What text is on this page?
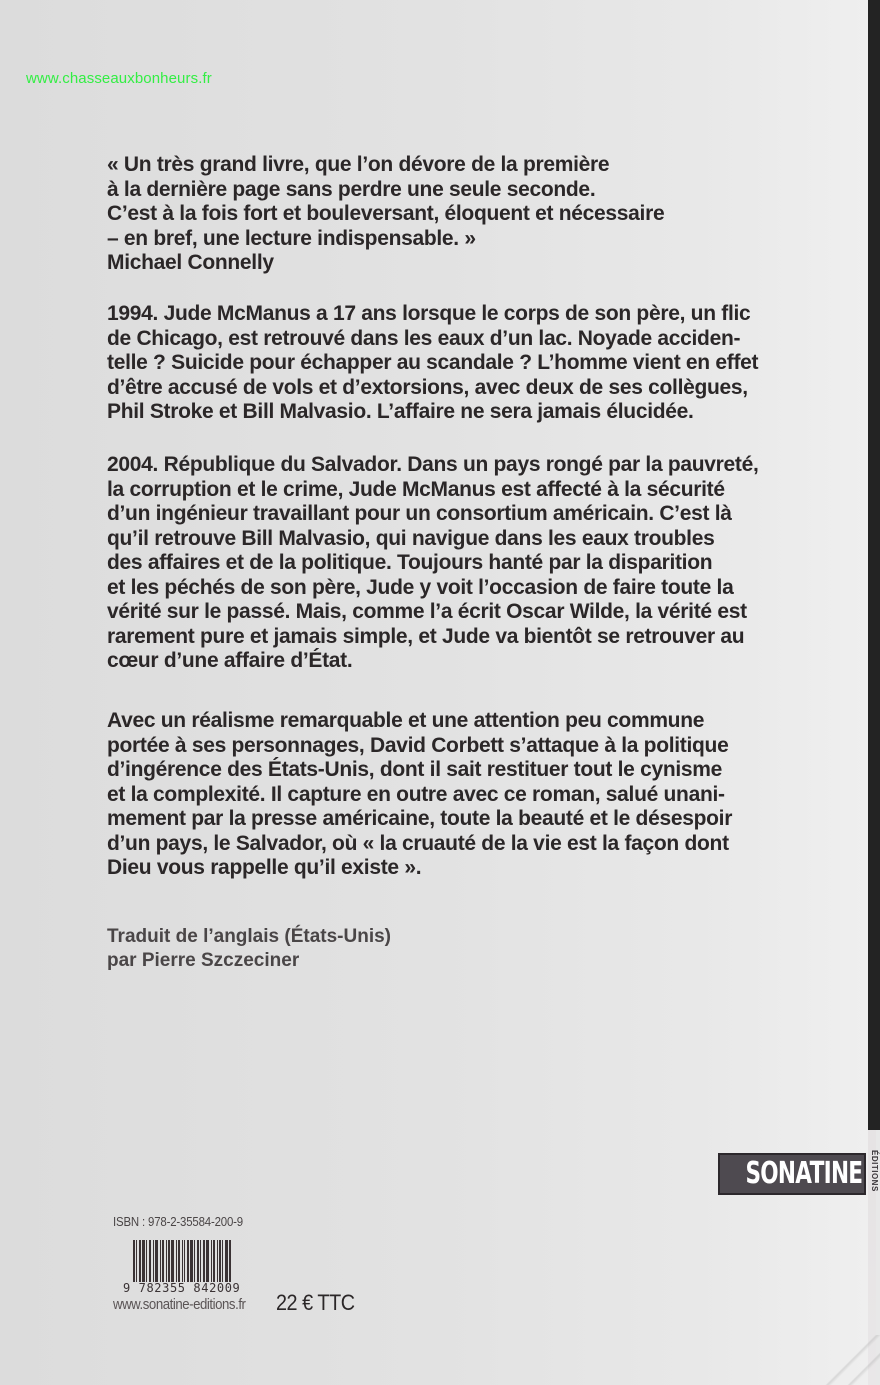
www.chasseauxbonheurs.fr

« Un très grand livre, que l’on dévore de la première

à la dernière page sans perdre une seule seconde.

C’est à la fois fort et bouleversant, éloquent et nécessaire

– en bref, une lecture indispensable. »

Michael Connelly

1994. Jude McManus a 17 ans lorsque le corps de son père, un flic

de Chicago, est retrouvé dans les eaux d’un lac. Noyade acciden-

telle ? Suicide pour échapper au scandale ? L’homme vient en effet

d’être accusé de vols et d’extorsions, avec deux de ses collègues,

Phil Stroke et Bill Malvasio. L’affaire ne sera jamais élucidée.

2004. République du Salvador. Dans un pays rongé par la pauvreté,

la corruption et le crime, Jude McManus est affecté à la sécurité

d’un ingénieur travaillant pour un consortium américain. C’est là

qu’il retrouve Bill Malvasio, qui navigue dans les eaux troubles

des affaires et de la politique. Toujours hanté par la disparition

et les péchés de son père, Jude y voit l’occasion de faire toute la

vérité sur le passé. Mais, comme l’a écrit Oscar Wilde, la vérité est

rarement pure et jamais simple, et Jude va bientôt se retrouver au

cœur d’une affaire d’État.

Avec un réalisme remarquable et une attention peu commune

portée à ses personnages, David Corbett s’attaque à la politique

d’ingérence des États-Unis, dont il sait restituer tout le cynisme

et la complexité. Il capture en outre avec ce roman, salué unani-

mement par la presse américaine, toute la beauté et le désespoir

d’un pays, le Salvador, où « la cruauté de la vie est la façon dont

Dieu vous rappelle qu’il existe ».

Traduit de l’anglais (États-Unis)

par Pierre Szczeciner

SONATINE	ÉDITIONS
ISBN : 978-2-35584-200-9
9 782355 842009
www.sonatine-editions.fr 22 € TTC
